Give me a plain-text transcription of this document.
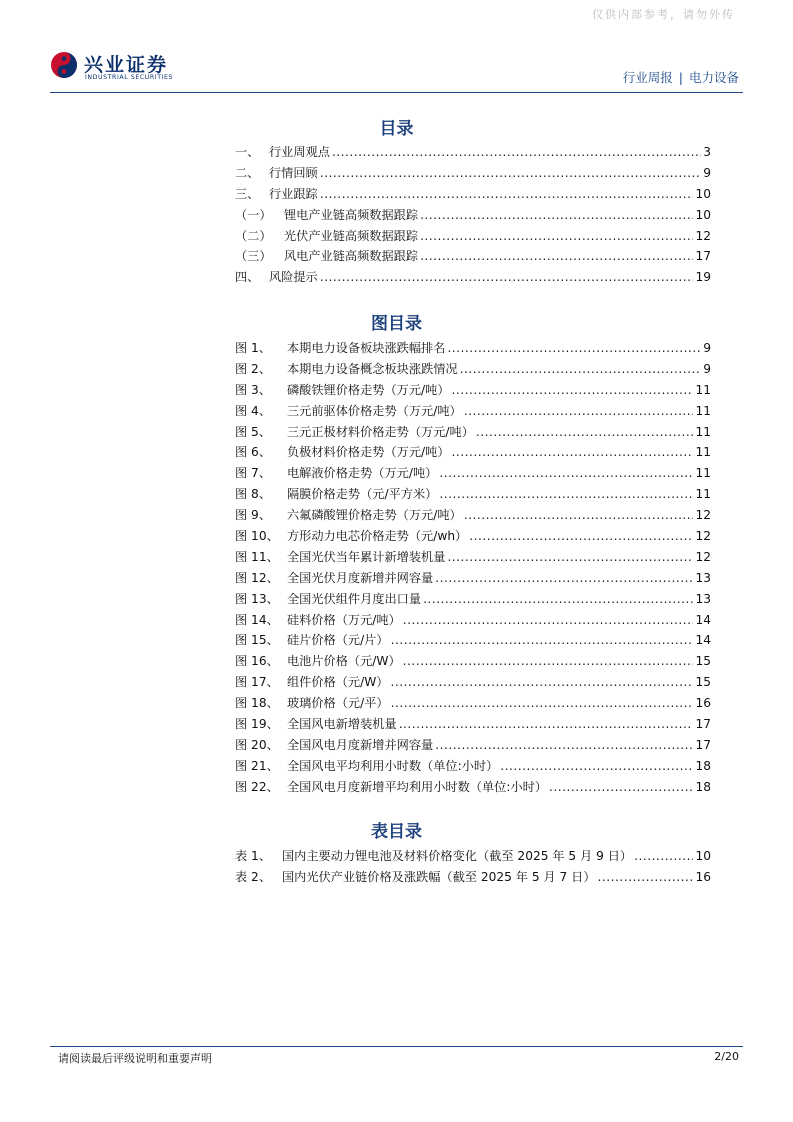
仅供内部参考，请勿外传
兴业证券
INDUSTRIAL SECURITIES	行业周报 | 电力设备
目录
一、 行业周观点 .....	3
二、 行情回顾 .....	9
三、 行业跟踪 .....	10
（一）	锂电产业链高频数据跟踪 .....	10
（二）	光伏产业链高频数据跟踪 .....	12
（三）	风电产业链高频数据跟踪 .....	17
四、 风险提示 .....	19
图目录
图 1、	本期电力设备板块涨跌幅排名 .....	9
图 2、	本期电力设备概念板块涨跌情况 .....	9
图 3、	磷酸铁锂价格走势（万元/吨） .....	11
图 4、	三元前驱体价格走势（万元/吨） .....	11
图 5、	三元正极材料价格走势（万元/吨） .....	11
图 6、	负极材料价格走势（万元/吨） .....	11
图 7、	电解液价格走势（万元/吨） .....	11
图 8、	隔膜价格走势（元/平方米） .....	11
图 9、	六氟磷酸锂价格走势（万元/吨） .....	12
图 10、 方形动力电芯价格走势（元/wh） .....	12
图 11、 全国光伏当年累计新增装机量 .....	12
图 12、 全国光伏月度新增并网容量 .....	13
图 13、 全国光伏组件月度出口量 .....	13
图 14、 硅料价格（万元/吨） .....	14
图 15、 硅片价格（元/片） .....	14
图 16、 电池片价格（元/W） .....	15
图 17、 组件价格（元/W） .....	15
图 18、 玻璃价格（元/平） .....	16
图 19、 全国风电新增装机量 .....	17
图 20、 全国风电月度新增并网容量 .....	17
图 21、 全国风电平均利用小时数（单位:小时） .....	18
图 22、 全国风电月度新增平均利用小时数（单位:小时） .....	18
表目录
表 1、 国内主要动力锂电池及材料价格变化（截至 2025 年 5 月 9 日） .....	10
表 2、 国内光伏产业链价格及涨跌幅（截至 2025 年 5 月 7 日） .....	16
请阅读最后评级说明和重要声明	2/20
